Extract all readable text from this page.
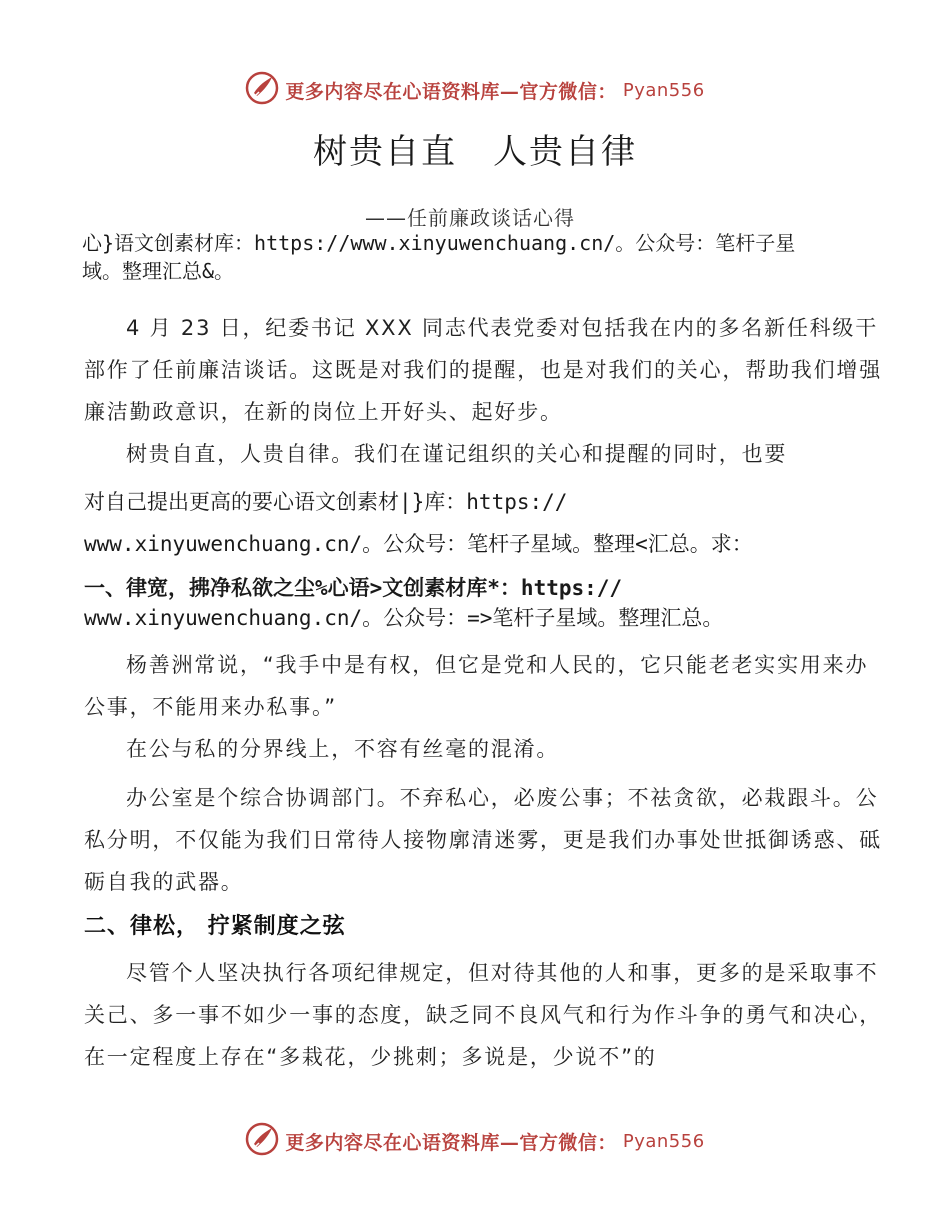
更多内容尽在心语资料库—官方微信： Pyan556
树贵自直　人贵自律
——任前廉政谈话心得
心}语文创素材库：https://www.xinyuwenchuang.cn/。公众号：笔杆子星
域。整理汇总&。
4 月 23 日，纪委书记 XXX 同志代表党委对包括我在内的多名新任科级干部作了任前廉洁谈话。这既是对我们的提醒，也是对我们的关心，帮助我们增强廉洁勤政意识，在新的岗位上开好头、起好步。
树贵自直，人贵自律。我们在谨记组织的关心和提醒的同时，也要
对自己提出更高的要心语文创素材|}库：https://
www.xinyuwenchuang.cn/。公众号：笔杆子星域。整理<汇总。求：
一、律宽，拂净私欲之尘%心语>文创素材库*：https://
www.xinyuwenchuang.cn/。公众号：=>笔杆子星域。整理汇总。
杨善洲常说，“我手中是有权，但它是党和人民的，它只能老老实实用来办公事，不能用来办私事。”
在公与私的分界线上，不容有丝毫的混淆。
办公室是个综合协调部门。不弃私心，必废公事；不祛贪欲，必栽跟斗。公私分明，不仅能为我们日常待人接物廓清迷雾，更是我们办事处世抵御诱惑、砥砺自我的武器。
二、律松， 拧紧制度之弦
尽管个人坚决执行各项纪律规定，但对待其他的人和事，更多的是采取事不关己、多一事不如少一事的态度，缺乏同不良风气和行为作斗争的勇气和决心，在一定程度上存在“多栽花，少挑刺；多说是，少说不”的
更多内容尽在心语资料库—官方微信： Pyan556
